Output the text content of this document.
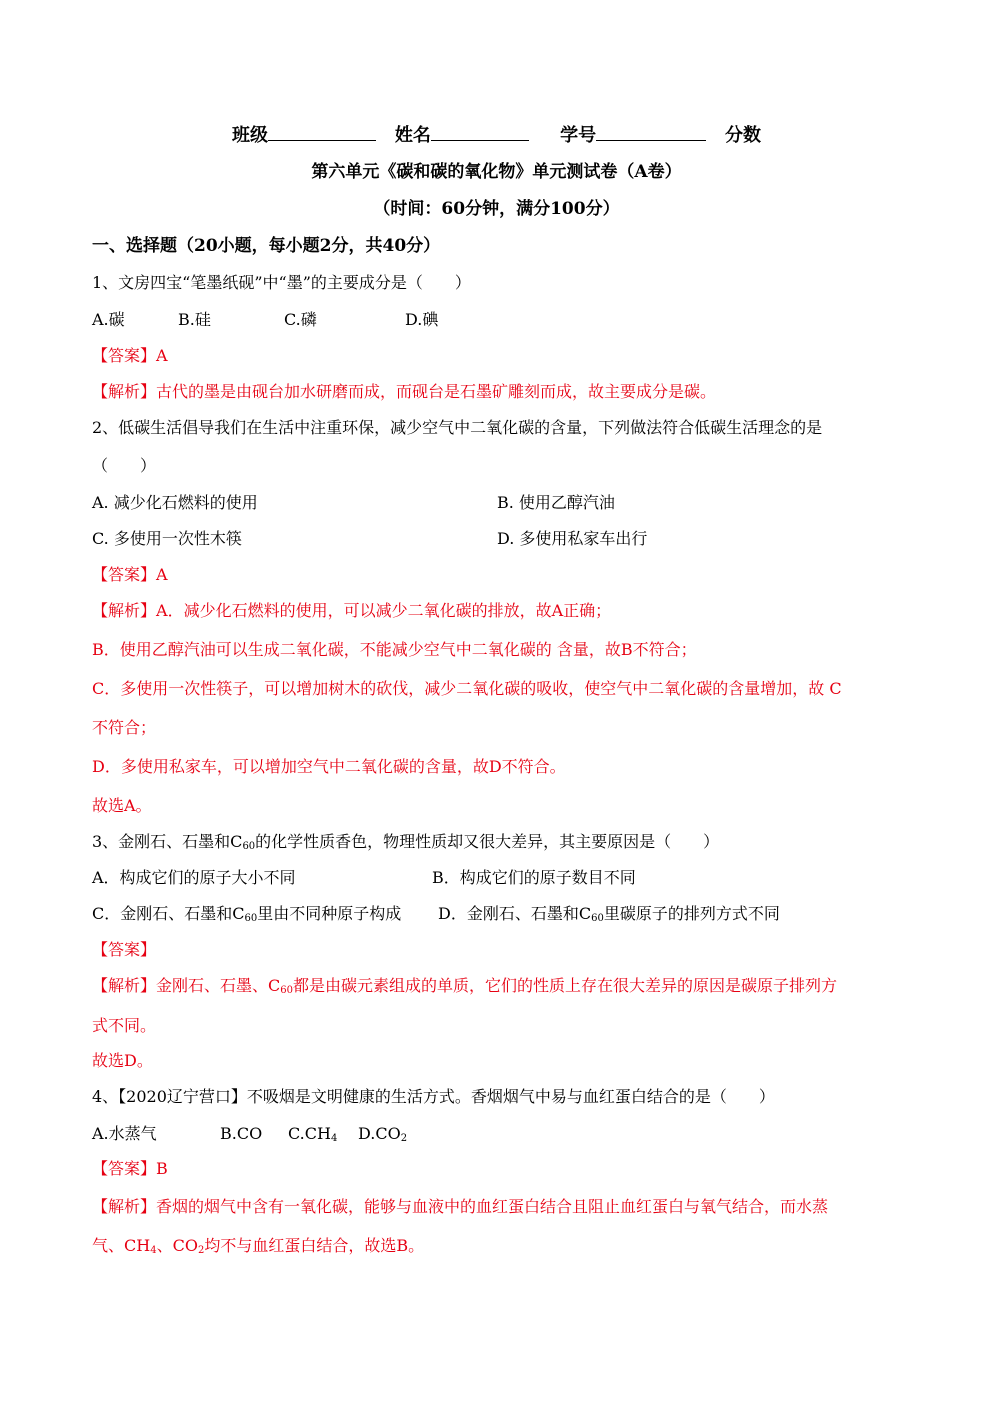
班级	姓名	学号	分数
第六单元《碳和碳的氧化物》单元测试卷（A卷）
（时间：60分钟，满分100分）
一、选择题（20小题，每小题2分，共40分）
1、文房四宝“笔墨纸砚”中“墨”的主要成分是（　　）
A.碳	B.硅	C.磷	D.碘
【答案】A
【解析】古代的墨是由砚台加水研磨而成，而砚台是石墨矿雕刻而成，故主要成分是碳。
2、低碳生活倡导我们在生活中注重环保，减少空气中二氧化碳的含量，下列做法符合低碳生活理念的是
（　　）
A. 减少化石燃料的使用	B. 使用乙醇汽油
C. 多使用一次性木筷	D. 多使用私家车出行
【答案】A
【解析】A．减少化石燃料的使用，可以减少二氧化碳的排放，故A正确；
B．使用乙醇汽油可以生成二氧化碳，不能减少空气中二氧化碳的 含量，故B不符合；
C．多使用一次性筷子，可以增加树木的砍伐，减少二氧化碳的吸收，使空气中二氧化碳的含量增加，故 C
不符合；
D．多使用私家车，可以增加空气中二氧化碳的含量，故D不符合。
故选A。
3、金刚石、石墨和$C_{60}$的化学性质香色，物理性质却又很大差异，其主要原因是（　　）
A．构成它们的原子大小不同	B．构成它们的原子数目不同
C．金刚石、石墨和$C_{60}$里由不同种原子构成 D．金刚石、石墨和$C_{60}$里碳原子的排列方式不同
【答案】
【解析】金刚石、石墨、$C_{60}$都是由碳元素组成的单质，它们的性质上存在很大差异的原因是碳原子排列方
式不同。
故选D。
4、【2020辽宁营口】不吸烟是文明健康的生活方式。香烟烟气中易与血红蛋白结合的是（　　）
A.水蒸气	B.CO $C.CH_4$ $D.CO_2$
【答案】B
【解析】香烟的烟气中含有一氧化碳，能够与血液中的血红蛋白结合且阻止血红蛋白与氧气结合，而水蒸
气、$CH_4$、$CO_2$均不与血红蛋白结合，故选B。
